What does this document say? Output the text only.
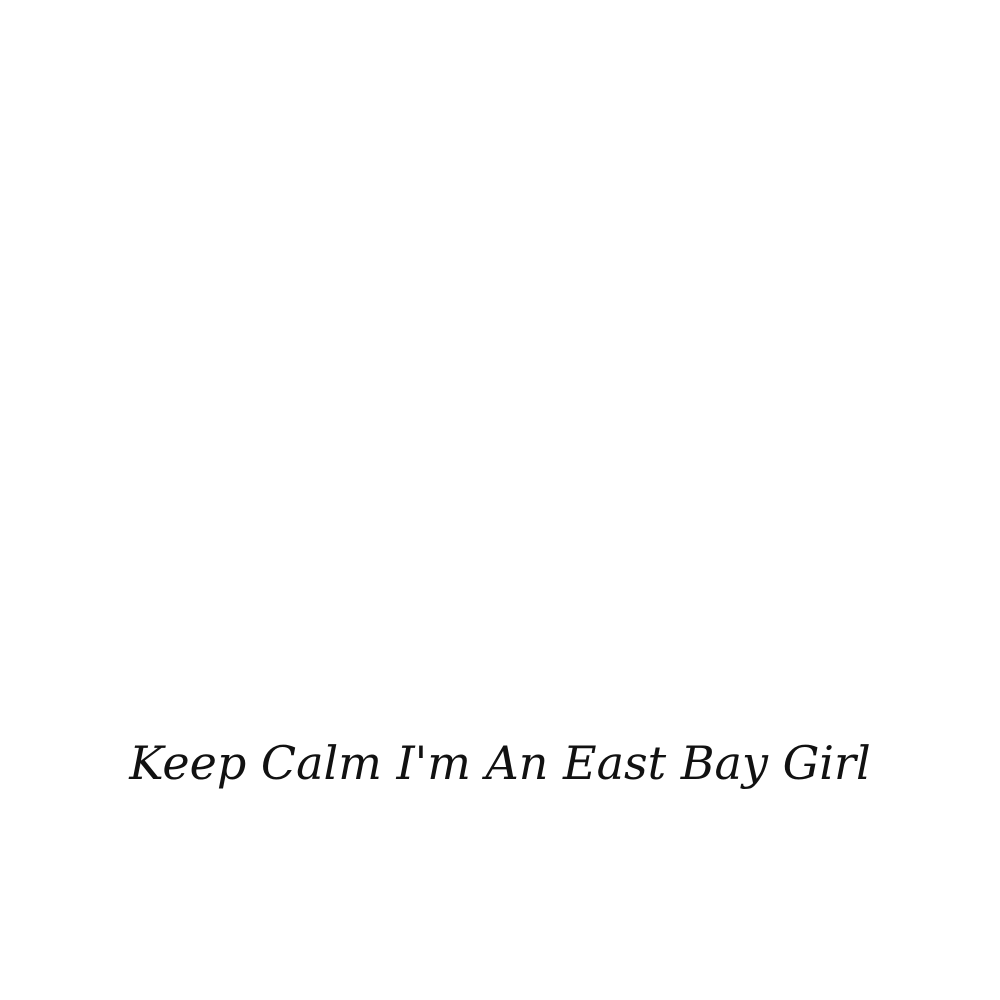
Keep Calm I'm An East Bay Girl
